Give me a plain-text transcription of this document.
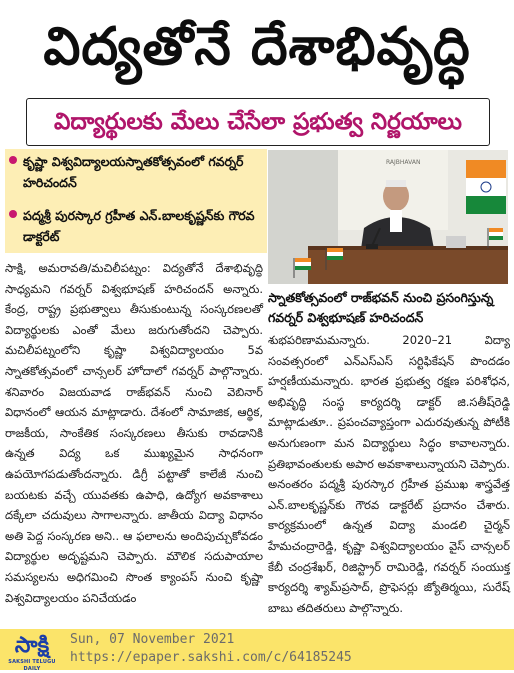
విద్యతోనే దేశాభివృద్ధి
విద్యార్థులకు మేలు చేసేలా ప్రభుత్వ నిర్ణయాలు
కృష్ణా విశ్వవిద్యాలయస్నాతకోత్సవంలో గవర్నర్ హరిచందన్
పద్మశ్రీ పురస్కార గ్రహీత ఎన్.బాలకృష్ణన్‌కు గౌరవ డాక్టరేట్
RAJBHAVAN
స్నాతకోత్సవంలో రాజ్‌భవన్ నుంచి ప్రసంగిస్తున్న గవర్నర్ విశ్వభూషణ్ హరిచందన్
సాక్షి, అమరావతి/మచిలీపట్నం: విద్యతోనే దేశాభివృద్ధి సాధ్యమని గవర్నర్ విశ్వభూషణ్ హరిచందన్ అన్నారు. కేంద్ర, రాష్ట్ర ప్రభుత్వాలు తీసుకుంటున్న సంస్కరణలతో విద్యార్థులకు ఎంతో మేలు జరుగుతోందని చెప్పారు. మచిలీపట్నంలోని కృష్ణా విశ్వవిద్యాలయం 5వ స్నాతకోత్సవంలో చాన్సలర్ హోదాలో గవర్నర్ పాల్గొన్నారు. శనివారం విజయవాడ రాజ్‌భవన్ నుంచి వెబినార్ విధానంలో ఆయన మాట్లాడారు. దేశంలో సామాజిక, ఆర్థిక, రాజకీయ, సాంకేతిక సంస్కరణలు తీసుకు రావడానికి ఉన్నత విద్య ఒక ముఖ్యమైన సాధనంగా ఉపయోగపడుతోందన్నారు. డిగ్రీ పట్టాతో కాలేజీ నుంచి బయటకు వచ్చే యువతకు ఉపాధి, ఉద్యోగ అవకాశాలు దక్కేలా చదువులు సాగాలన్నారు. జాతీయ విద్యా విధానం అతి పెద్ద సంస్కరణ అని.. ఆ ఫలాలను అందిపుచ్చుకోవడం విద్యార్థుల అదృష్టమని చెప్పారు. మౌలిక సదుపాయాల సమస్యలను అధిగమించి సొంత క్యాంపస్ నుంచి కృష్ణా విశ్వవిద్యాలయం పనిచేయడం
శుభపరిణామమన్నారు. 2020–21 విద్యా సంవత్సరంలో ఎన్ఎస్ఎస్ సర్టిఫికేషన్ పొందడం హర్షణీయమన్నారు. భారత ప్రభుత్వ రక్షణ పరిశోధన, అభివృద్ధి సంస్థ కార్యదర్శి డాక్టర్ జి.సతీష్‌రెడ్డి మాట్లాడుతూ.. ప్రపంచవ్యాప్తంగా ఎదురవుతున్న పోటీకి అనుగుణంగా మన విద్యార్థులు సిద్ధం కావాలన్నారు. ప్రతిభావంతులకు అపార అవకాశాలున్నాయని చెప్పారు. అనంతరం పద్మశ్రీ పురస్కార గ్రహీత ప్రముఖ శాస్త్రవేత్త ఎన్.బాలకృష్ణన్‌కు గౌరవ డాక్టరేట్ ప్రదానం చేశారు. కార్యక్రమంలో ఉన్నత విద్యా మండలి చైర్మన్ హేమచంద్రారెడ్డి, కృష్ణా విశ్వవిద్యాలయం వైస్ చాన్సలర్ కేబీ చంద్రశేఖర్, రిజిస్ట్రార్ రామిరెడ్డి, గవర్నర్ సంయుక్త కార్యదర్శి శ్యామ్‌ప్రసాద్, ప్రొఫెసర్లు జ్యోతిర్మయి, సురేష్ బాబు తదితరులు పాల్గొన్నారు.
సాక్షి
SAKSHI TELUGU DAILY
Sun, 07 November 2021
https://epaper.sakshi.com/c/64185245
